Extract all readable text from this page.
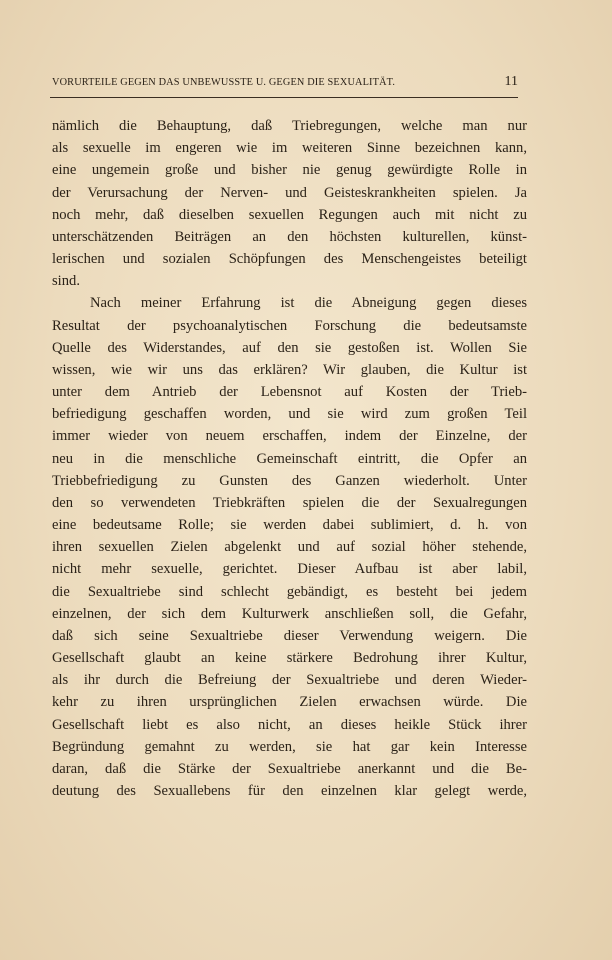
VORURTEILE GEGEN DAS UNBEWUSSTE U. GEGEN DIE SEXUALITÄT.	11
nämlich die Behauptung, daß Triebregungen, welche man nur
als sexuelle im engeren wie im weiteren Sinne bezeichnen kann,
eine ungemein große und bisher nie genug gewürdigte Rolle in
der Verursachung der Nerven- und Geisteskrankheiten spielen. Ja
noch mehr, daß dieselben sexuellen Regungen auch mit nicht zu
unterschätzenden Beiträgen an den höchsten kulturellen, künst-
lerischen und sozialen Schöpfungen des Menschengeistes beteiligt
sind.
Nach meiner Erfahrung ist die Abneigung gegen dieses
Resultat der psychoanalytischen Forschung die bedeutsamste
Quelle des Widerstandes, auf den sie gestoßen ist. Wollen Sie
wissen, wie wir uns das erklären? Wir glauben, die Kultur ist
unter dem Antrieb der Lebensnot auf Kosten der Trieb-
befriedigung geschaffen worden, und sie wird zum großen Teil
immer wieder von neuem erschaffen, indem der Einzelne, der
neu in die menschliche Gemeinschaft eintritt, die Opfer an
Triebbefriedigung zu Gunsten des Ganzen wiederholt. Unter
den so verwendeten Triebkräften spielen die der Sexualregungen
eine bedeutsame Rolle; sie werden dabei sublimiert, d. h. von
ihren sexuellen Zielen abgelenkt und auf sozial höher stehende,
nicht mehr sexuelle, gerichtet. Dieser Aufbau ist aber labil,
die Sexualtriebe sind schlecht gebändigt, es besteht bei jedem
einzelnen, der sich dem Kulturwerk anschließen soll, die Gefahr,
daß sich seine Sexualtriebe dieser Verwendung weigern. Die
Gesellschaft glaubt an keine stärkere Bedrohung ihrer Kultur,
als ihr durch die Befreiung der Sexualtriebe und deren Wieder-
kehr zu ihren ursprünglichen Zielen erwachsen würde. Die
Gesellschaft liebt es also nicht, an dieses heikle Stück ihrer
Begründung gemahnt zu werden, sie hat gar kein Interesse
daran, daß die Stärke der Sexualtriebe anerkannt und die Be-
deutung des Sexuallebens für den einzelnen klar gelegt werde,
